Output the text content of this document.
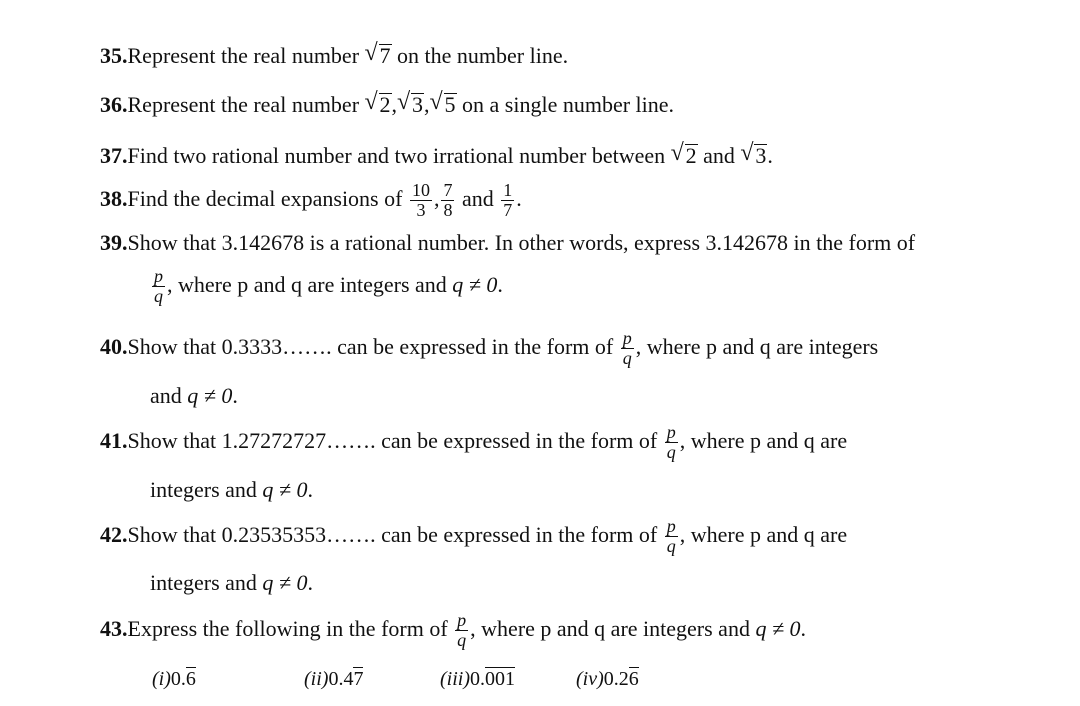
35.Represent the real number √ 7 on the number line.
36.Represent the real number √ 2, √ 3, √ 5 on a single number line.
37.Find two rational number and two irrational number between √ 2 and √ 3.
38.Find the decimal expansions of $\frac{10}{3}$ , $\frac{7}{8}$ and $\frac{1}{7}$ .
39.Show that 3.142678 is a rational number. In other words, express 3.142678 in the form of
$\frac{p}{q}$ , where p and q are integers and q ≠ 0.
40.Show that 0.3333……. can be expressed in the form of $\frac{p}{q}$ , where p and q are integers
and q ≠ 0.
41.Show that 1.27272727……. can be expressed in the form of $\frac{p}{q}$ , where p and q are
integers and q ≠ 0.
42.Show that 0.23535353……. can be expressed in the form of $\frac{p}{q}$ , where p and q are
integers and q ≠ 0.
43.Express the following in the form of $\frac{p}{q}$ , where p and q are integers and q ≠ 0.
(i)0.6	(ii)0.47	(iii)0.001	(iv)0.26
